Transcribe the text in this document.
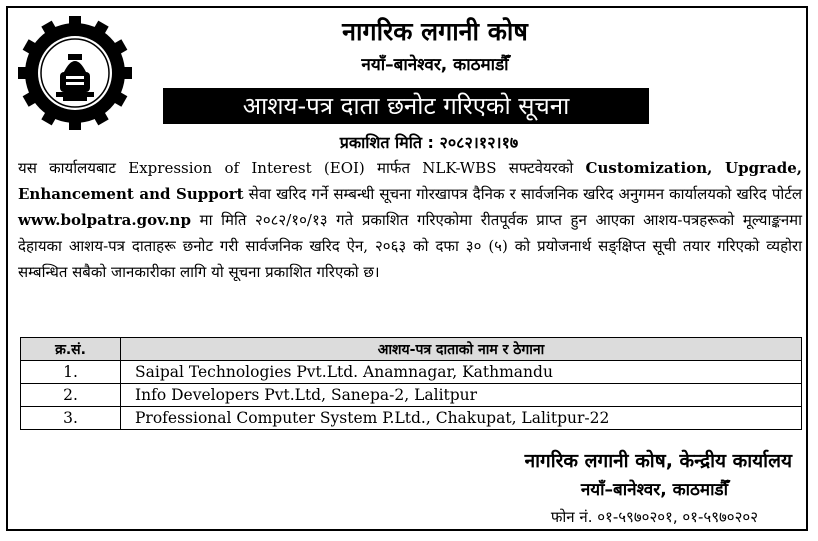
२०४७
नागरिक लगानी कोष
नयाँ–बानेश्वर, काठमाडौँ
आशय-पत्र दाता छनोट गरिएको सूचना
प्रकाशित मिति : २०८२।१२।१७
यस कार्यालयबाट Expression of Interest (EOI) मार्फत NLK-WBS सफ्टवेयरको Customization, Upgrade, Enhancement and Support सेवा खरिद गर्ने सम्बन्धी सूचना गोरखापत्र दैनिक र सार्वजनिक खरिद अनुगमन कार्यालयको खरिद पोर्टल www.bolpatra.gov.np मा मिति २०८२/१०/१३ गते प्रकाशित गरिएकोमा रीतपूर्वक प्राप्त हुन आएका आशय-पत्रहरूको मूल्याङ्कनमा देहायका आशय-पत्र दाताहरू छनोट गरी सार्वजनिक खरिद ऐन, २०६३ को दफा ३० (५) को प्रयोजनार्थ सङ्क्षिप्त सूची तयार गरिएको व्यहोरा सम्बन्धित सबैको जानकारीका लागि यो सूचना प्रकाशित गरिएको छ।
क्र.सं.	आशय-पत्र दाताको नाम र ठेगाना
1.	Saipal Technologies Pvt.Ltd. Anamnagar, Kathmandu
2.	Info Developers Pvt.Ltd, Sanepa-2, Lalitpur
3.	Professional Computer System P.Ltd., Chakupat, Lalitpur-22
नागरिक लगानी कोष, केन्द्रीय कार्यालय
नयाँ–बानेश्वर, काठमाडौँ
फोन नं. ०१-५९७०२०१, ०१-५९७०२०२
